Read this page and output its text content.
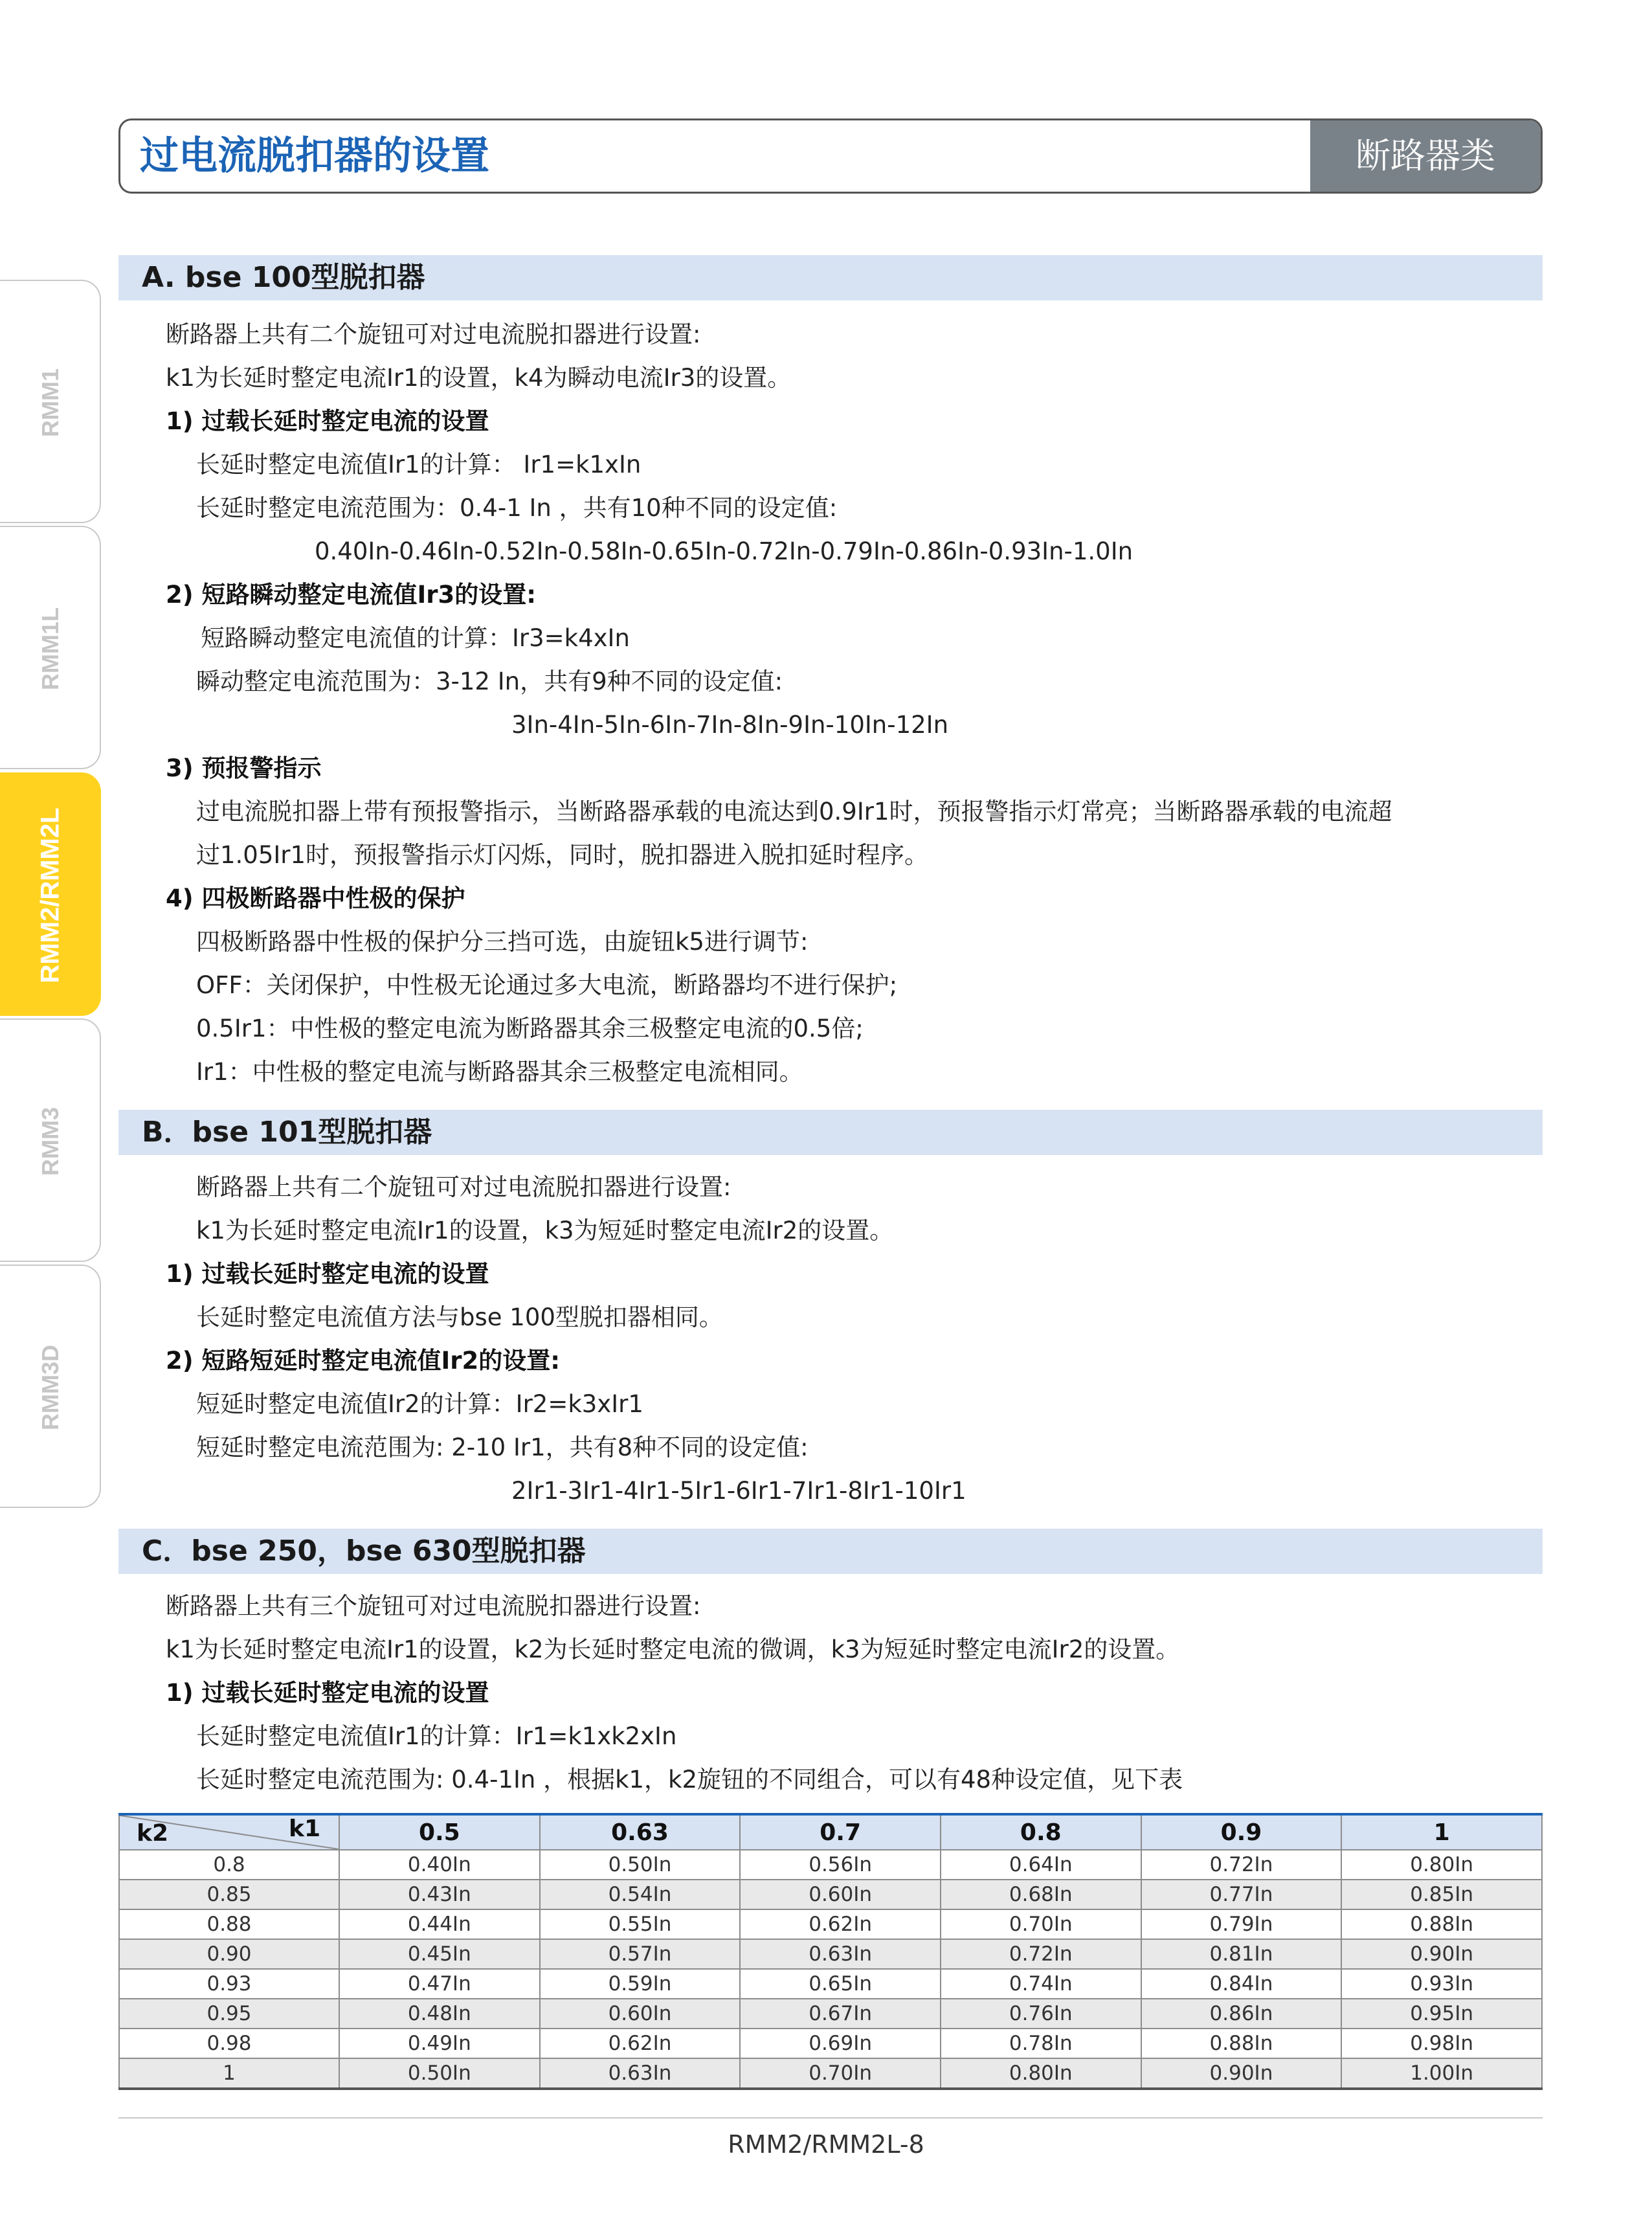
过电流脱扣器的设置	断路器类
RMM1
RMM1L
RMM2/RMM2L
RMM3
RMM3D
A. bse 100型脱扣器
断路器上共有二个旋钮可对过电流脱扣器进行设置:
k1为长延时整定电流Ir1的设置，k4为瞬动电流Ir3的设置。
1) 过载长延时整定电流的设置
长延时整定电流值Ir1的计算： Ir1=k1xIn
长延时整定电流范围为：0.4-1 In ，共有10种不同的设定值:
0.40In-0.46In-0.52In-0.58In-0.65In-0.72In-0.79In-0.86In-0.93In-1.0In
2) 短路瞬动整定电流值Ir3的设置:
短路瞬动整定电流值的计算：Ir3=k4xIn
瞬动整定电流范围为：3-12 In，共有9种不同的设定值:
3In-4In-5In-6In-7In-8In-9In-10In-12In
3) 预报警指示
过电流脱扣器上带有预报警指示，当断路器承载的电流达到0.9Ir1时，预报警指示灯常亮；当断路器承载的电流超
过1.05Ir1时，预报警指示灯闪烁，同时，脱扣器进入脱扣延时程序。
4) 四极断路器中性极的保护
四极断路器中性极的保护分三挡可选，由旋钮k5进行调节:
OFF：关闭保护，中性极无论通过多大电流，断路器均不进行保护;
0.5Ir1：中性极的整定电流为断路器其余三极整定电流的0.5倍;
Ir1：中性极的整定电流与断路器其余三极整定电流相同。
B．bse 101型脱扣器
断路器上共有二个旋钮可对过电流脱扣器进行设置:
k1为长延时整定电流Ir1的设置，k3为短延时整定电流Ir2的设置。
1) 过载长延时整定电流的设置
长延时整定电流值方法与bse 100型脱扣器相同。
2) 短路短延时整定电流值Ir2的设置:
短延时整定电流值Ir2的计算：Ir2=k3xIr1
短延时整定电流范围为: 2-10 Ir1，共有8种不同的设定值:
2Ir1-3Ir1-4Ir1-5Ir1-6Ir1-7Ir1-8Ir1-10Ir1
C．bse 250，bse 630型脱扣器
断路器上共有三个旋钮可对过电流脱扣器进行设置:
k1为长延时整定电流Ir1的设置，k2为长延时整定电流的微调，k3为短延时整定电流Ir2的设置。
1) 过载长延时整定电流的设置
长延时整定电流值Ir1的计算：Ir1=k1xk2xIn
长延时整定电流范围为: 0.4-1In ，根据k1，k2旋钮的不同组合，可以有48种设定值，见下表
k2 k1	0.5	0.63	0.7	0.8	0.9	1
0.8	0.40In	0.50In	0.56In	0.64In	0.72In	0.80In
0.85	0.43In	0.54In	0.60In	0.68In	0.77In	0.85In
0.88	0.44In	0.55In	0.62In	0.70In	0.79In	0.88In
0.90	0.45In	0.57In	0.63In	0.72In	0.81In	0.90In
0.93	0.47In	0.59In	0.65In	0.74In	0.84In	0.93In
0.95	0.48In	0.60In	0.67In	0.76In	0.86In	0.95In
0.98	0.49In	0.62In	0.69In	0.78In	0.88In	0.98In
1	0.50In	0.63In	0.70In	0.80In	0.90In	1.00In
RMM2/RMM2L-8
